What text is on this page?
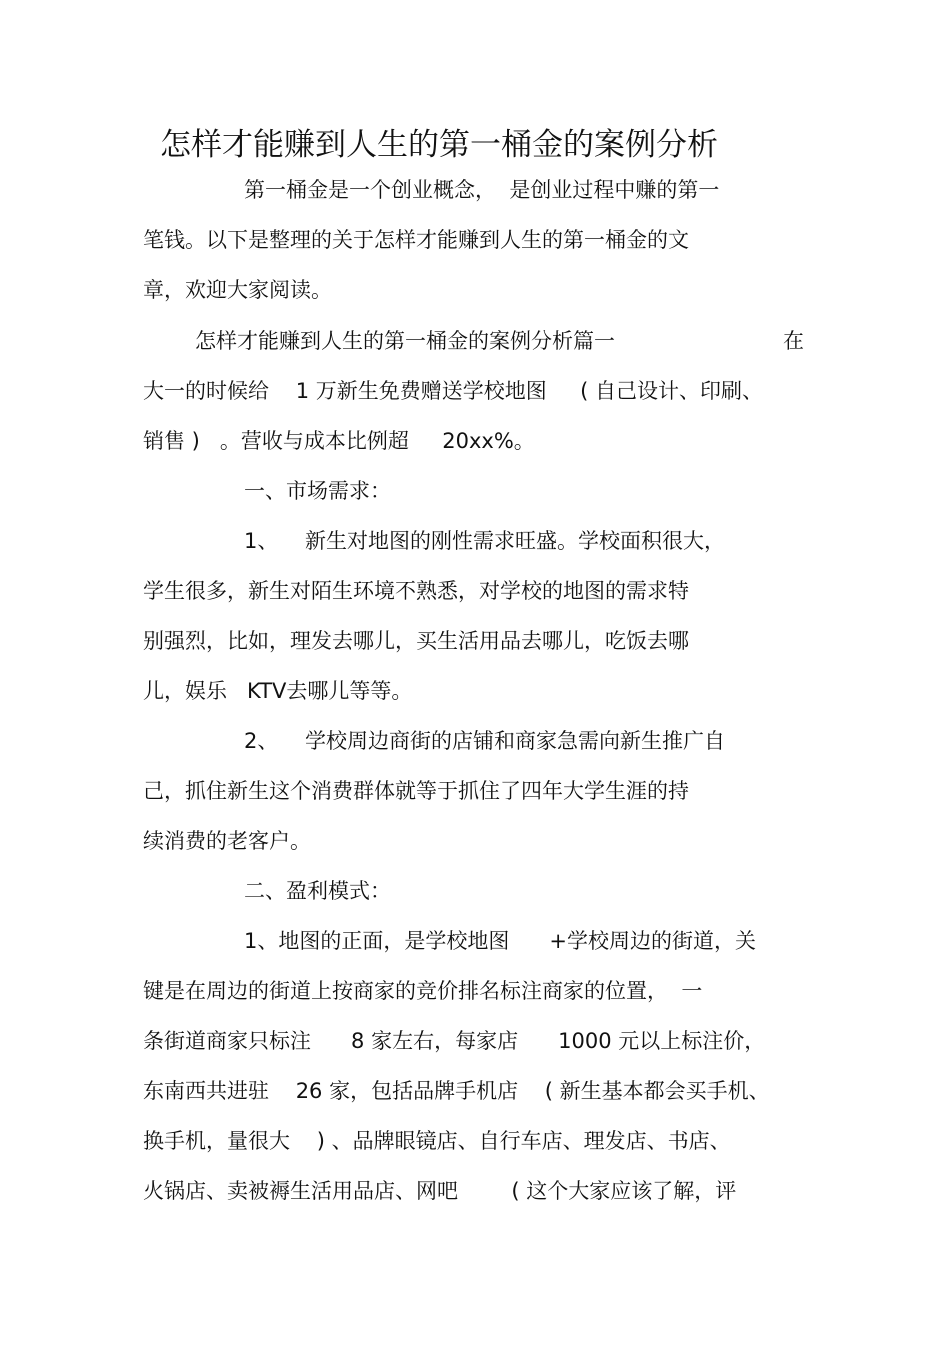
怎样才能赚到人生的第一桶金的案例分析
第一桶金是一个创业概念，  是创业过程中赚的第一
笔钱。以下是整理的关于怎样才能赚到人生的第一桶金的文
章，欢迎大家阅读。
怎样才能赚到人生的第一桶金的案例分析篇一	在
大一的时候给    1 万新生免费赠送学校地图     ( 自己设计、印刷、
销售 )   。营收与成本比例超     20xx%。
一、市场需求：
1、    新生对地图的刚性需求旺盛。学校面积很大，
学生很多，新生对陌生环境不熟悉，对学校的地图的需求特
别强烈，比如，理发去哪儿，买生活用品去哪儿，吃饭去哪
儿，娱乐   KTV去哪儿等等。
2、    学校周边商街的店铺和商家急需向新生推广自
己，抓住新生这个消费群体就等于抓住了四年大学生涯的持
续消费的老客户。
二、盈利模式：
1、地图的正面，是学校地图      +学校周边的街道，关
键是在周边的街道上按商家的竞价排名标注商家的位置，  一
条街道商家只标注      8 家左右，每家店      1000 元以上标注价，
东南西共进驻    26 家，包括品牌手机店    ( 新生基本都会买手机、
换手机，量很大    ) 、品牌眼镜店、自行车店、理发店、书店、
火锅店、卖被褥生活用品店、网吧        ( 这个大家应该了解，评
